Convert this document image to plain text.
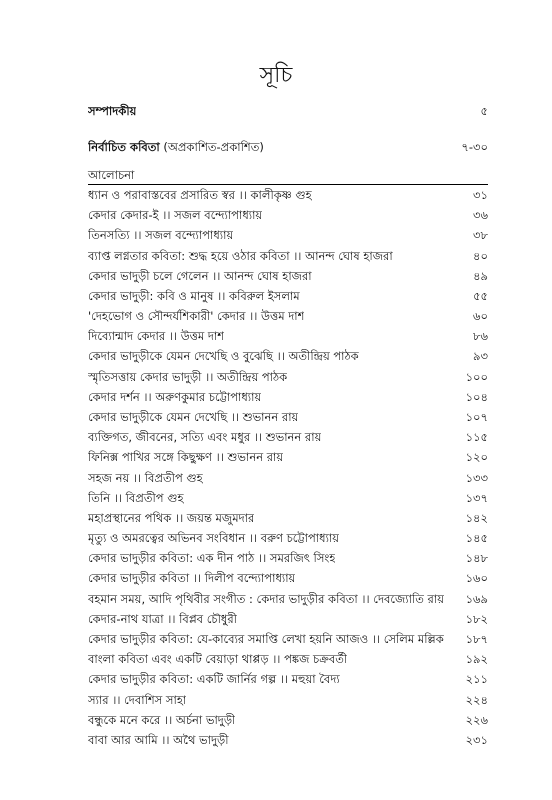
সূচি
সম্পাদকীয়	৫
নির্বাচিত কবিতা (অপ্রকাশিত-প্রকাশিত)	৭-৩০
আলোচনা
ধ্যান ও পরাবাস্তবের প্রসারিত স্বর ।। কালীকৃষ্ণ গুহ	৩১
কেদার কেদার-ই ।। সজল বন্দ্যোপাধ্যায়	৩৬
তিনসত্যি ।। সজল বন্দ্যোপাধ্যায়	৩৮
ব্যাপ্ত লগ্নতার কবিতা: শুদ্ধ হয়ে ওঠার কবিতা ।। আনন্দ ঘোষ হাজরা	৪০
কেদার ভাদুড়ী চলে গেলেন ।। আনন্দ ঘোষ হাজরা	৪৯
কেদার ভাদুড়ী: কবি ও মানুষ ।। কবিরুল ইসলাম	৫৫
'দেহভোগ ও সৌন্দর্যশিকারী' কেদার ।। উত্তম দাশ	৬০
দিব্যোন্মাদ কেদার ।। উত্তম দাশ	৮৬
কেদার ভাদুড়ীকে যেমন দেখেছি ও বুঝেছি ।। অতীন্দ্রিয় পাঠক	৯৩
স্মৃতিসত্তায় কেদার ভাদুড়ী ।। অতীন্দ্রিয় পাঠক	১০০
কেদার দর্শন ।। অরুণকুমার চট্টোপাধ্যায়	১০৪
কেদার ভাদুড়ীকে যেমন দেখেছি ।। শুভানন রায়	১০৭
ব্যক্তিগত, জীবনের, সত্যি এবং মধুর ।। শুভানন রায়	১১৫
ফিনিক্স পাখির সঙ্গে কিছুক্ষণ ।। শুভানন রায়	১২০
সহজ নয় ।। বিপ্রতীপ গুহ	১৩৩
তিনি ।। বিপ্রতীপ গুহ	১৩৭
মহাপ্রস্থানের পথিক ।। জয়ন্ত মজুমদার	১৪২
মৃত্যু ও অমরত্বের অভিনব সংবিধান ।। বরুণ চট্টোপাধ্যায়	১৪৫
কেদার ভাদুড়ীর কবিতা: এক দীন পাঠ ।। সমরজিৎ সিংহ	১৪৮
কেদার ভাদুড়ীর কবিতা ।। দিলীপ বন্দ্যোপাধ্যায়	১৬০
বহমান সময়, আদি পৃথিবীর সংগীত : কেদার ভাদুড়ীর কবিতা ।। দেবজ্যোতি রায়	১৬৯
কেদার-নাথ যাত্রা ।। বিপ্লব চৌধুরী	১৮২
কেদার ভাদুড়ীর কবিতা: যে-কাব্যের সমাপ্তি লেখা হয়নি আজও ।। সেলিম মল্লিক	১৮৭
বাংলা কবিতা এবং একটি বেয়াড়া থাপ্পড় ।। পঙ্কজ চক্রবর্তী	১৯২
কেদার ভাদুড়ীর কবিতা: একটি জার্নির গল্প ।। মহুয়া বৈদ্য	২১১
স্যার ।। দেবাশিস সাহা	২২৪
বন্ধুকে মনে করে ।। অর্চনা ভাদুড়ী	২২৬
বাবা আর আমি ।। অথৈ ভাদুড়ী	২৩১
